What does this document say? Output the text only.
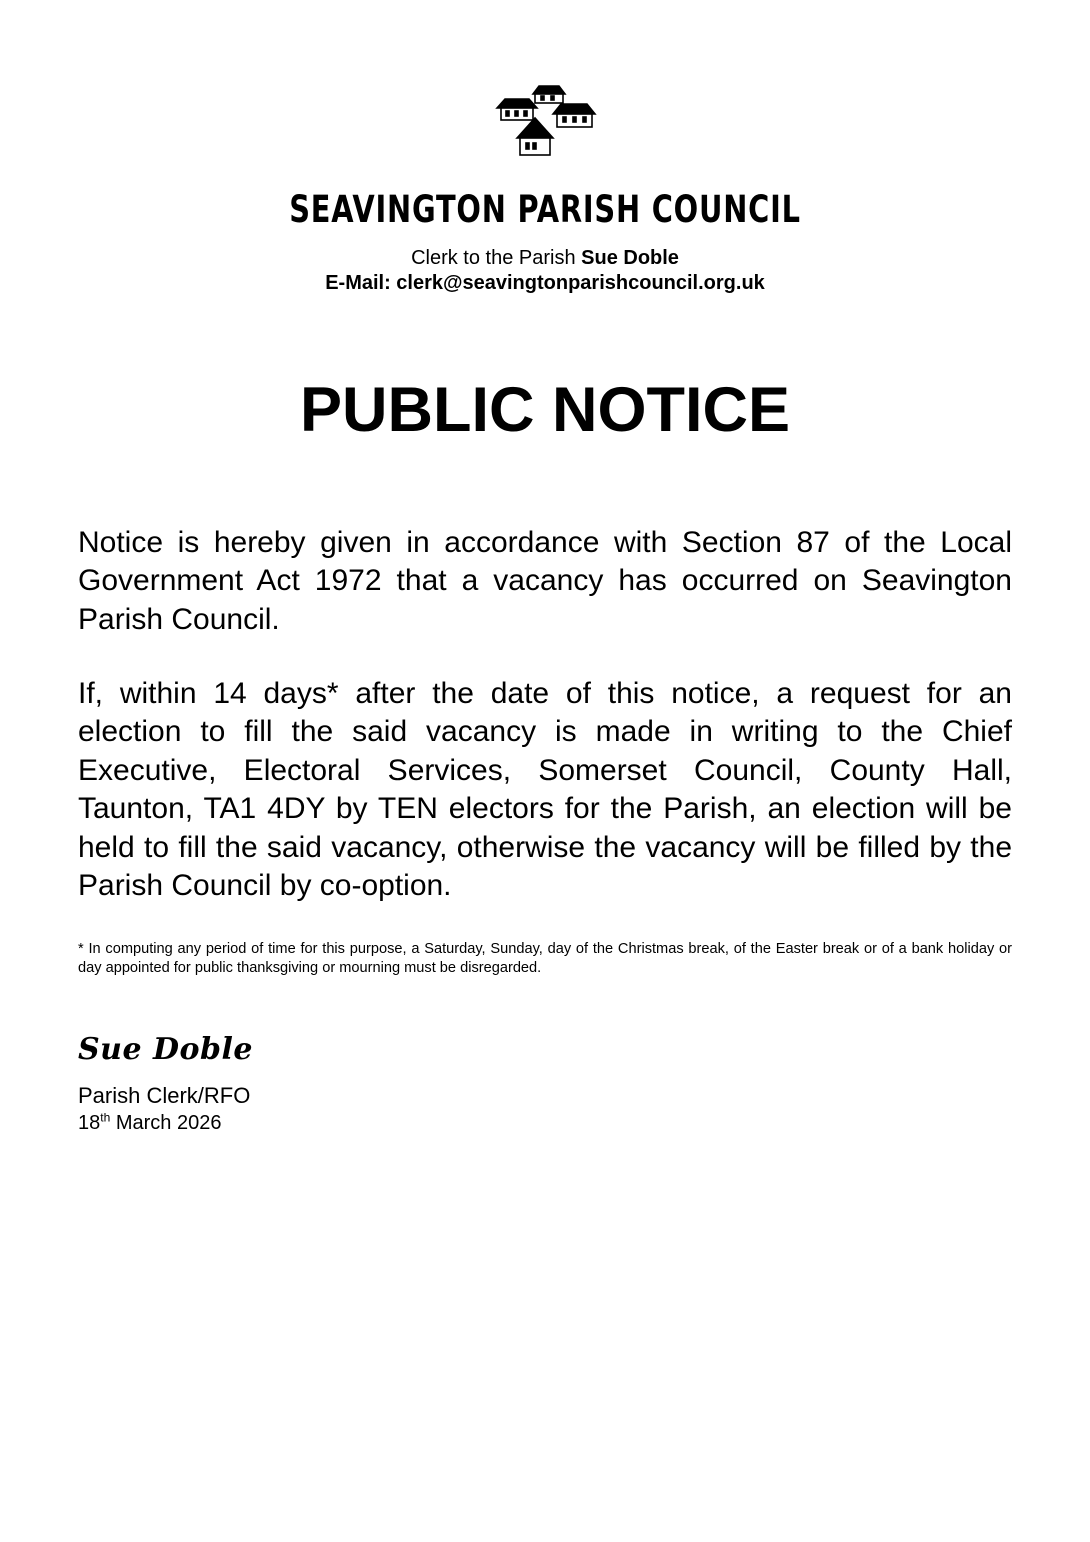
SEAVINGTON PARISH COUNCIL
Clerk to the Parish Sue Doble
E-Mail: clerk@seavingtonparishcouncil.org.uk
PUBLIC NOTICE

Notice is hereby given in accordance with Section 87 of the Local Government Act 1972 that a vacancy has occurred on Seavington Parish Council.

If, within 14 days* after the date of this notice, a request for an election to fill the said vacancy is made in writing to the Chief Executive, Electoral Services, Somerset Council, County Hall, Taunton, TA1 4DY by TEN electors for the Parish, an election will be held to fill the said vacancy, otherwise the vacancy will be filled by the Parish Council by co-option.

* In computing any period of time for this purpose, a Saturday, Sunday, day of the Christmas break, of the Easter break or of a bank holiday or day appointed for public thanksgiving or mourning must be disregarded.

Sue Doble
Parish Clerk/RFO
18th March 2026
